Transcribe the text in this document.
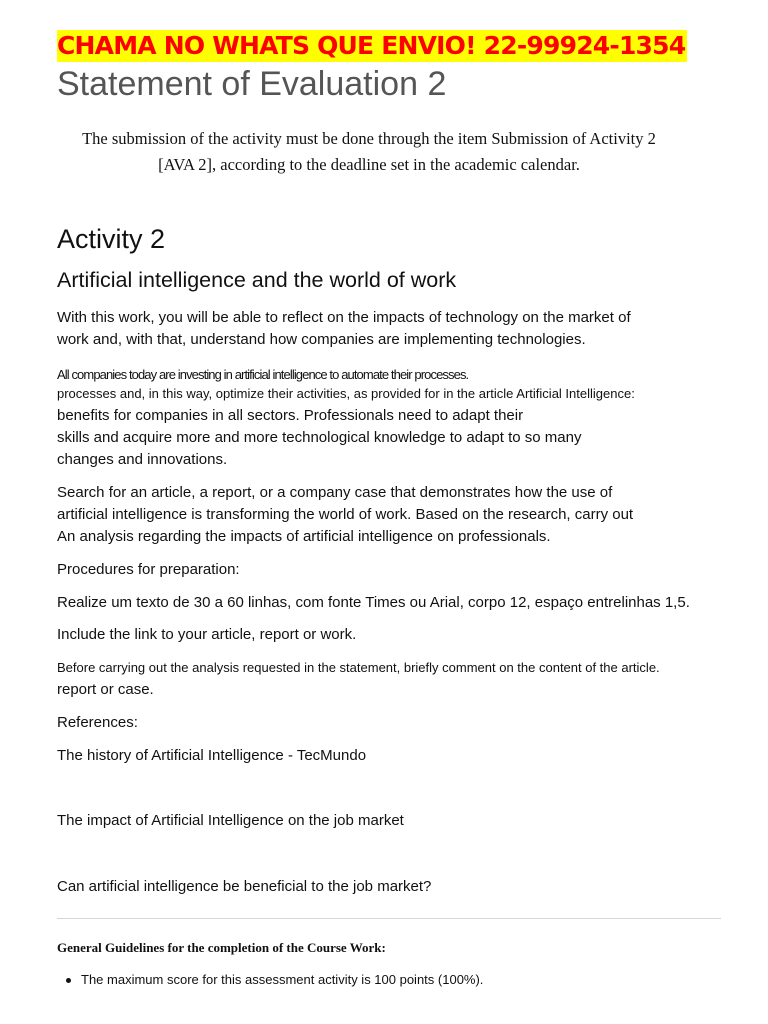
CHAMA NO WHATS QUE ENVIO! 22-99924-1354
Statement of Evaluation 2
The submission of the activity must be done through the item Submission of Activity 2
[AVA 2], according to the deadline set in the academic calendar.
Activity 2
Artificial intelligence and the world of work
With this work, you will be able to reflect on the impacts of technology on the market of
work and, with that, understand how companies are implementing technologies.
All companies today are investing in artificial intelligence to automate their processes.
processes and, in this way, optimize their activities, as provided for in the article Artificial Intelligence:
benefits for companies in all sectors. Professionals need to adapt their
skills and acquire more and more technological knowledge to adapt to so many
changes and innovations.
Search for an article, a report, or a company case that demonstrates how the use of
artificial intelligence is transforming the world of work. Based on the research, carry out
An analysis regarding the impacts of artificial intelligence on professionals.
Procedures for preparation:
Realize um texto de 30 a 60 linhas, com fonte Times ou Arial, corpo 12, espaço entrelinhas 1,5.
Include the link to your article, report or work.
Before carrying out the analysis requested in the statement, briefly comment on the content of the article.
report or case.
References:
The history of Artificial Intelligence - TecMundo
The impact of Artificial Intelligence on the job market
Can artificial intelligence be beneficial to the job market?
General Guidelines for the completion of the Course Work:
The maximum score for this assessment activity is 100 points (100%).
